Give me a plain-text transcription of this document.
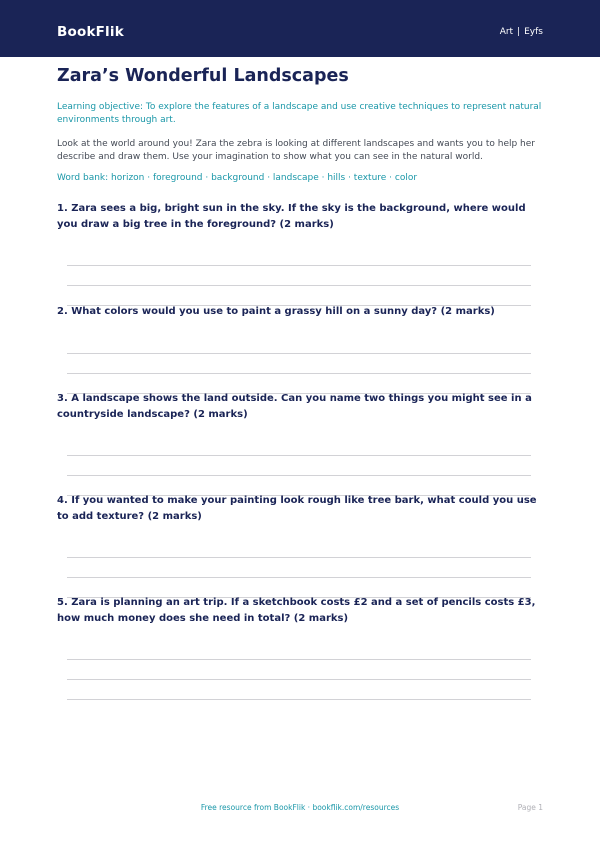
BookFlik	Art | Eyfs
Zara’s Wonderful Landscapes

Learning objective: To explore the features of a landscape and use creative techniques to represent natural environments through art.

Look at the world around you! Zara the zebra is looking at different landscapes and wants you to help her describe and draw them. Use your imagination to show what you can see in the natural world.

Word bank: horizon · foreground · background · landscape · hills · texture · color

1. Zara sees a big, bright sun in the sky. If the sky is the background, where would you draw a big tree in the foreground? (2 marks)

2. What colors would you use to paint a grassy hill on a sunny day? (2 marks)

3. A landscape shows the land outside. Can you name two things you might see in a countryside landscape? (2 marks)

4. If you wanted to make your painting look rough like tree bark, what could you use to add texture? (2 marks)

5. Zara is planning an art trip. If a sketchbook costs £2 and a set of pencils costs £3, how much money does she need in total? (2 marks)

Free resource from BookFlik · bookflik.com/resources	Page 1
